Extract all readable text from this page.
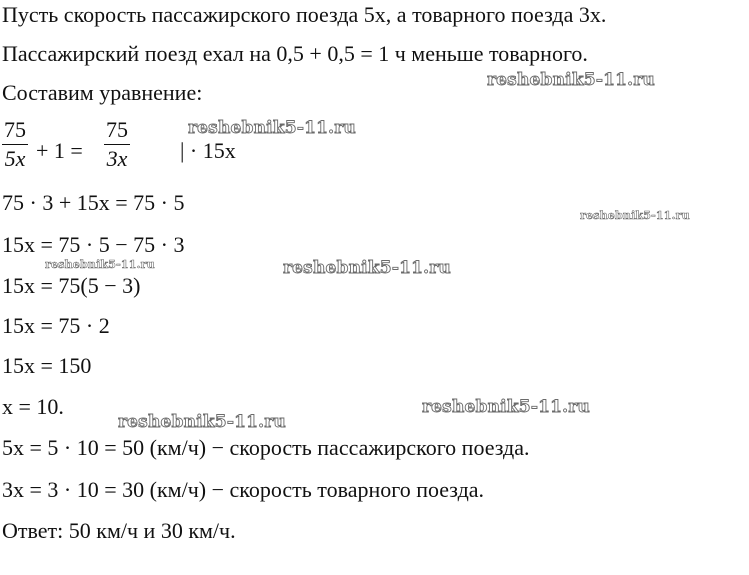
Пусть скорость пассажирского поезда 5x, а товарного поезда 3x.
Пассажирский поезд ехал на 0,5 + 0,5 = 1 ч меньше товарного.
Составим уравнение:
75
5x + 1 =
75
3x | · 15x
75 · 3 + 15x = 75 · 5
15x = 75 · 5 − 75 · 3
15x = 75(5 − 3)
15x = 75 · 2
15x = 150
x = 10.
5x = 5 · 10 = 50 (км/ч) − скорость пассажирского поезда.
3x = 3 · 10 = 30 (км/ч) − скорость товарного поезда.
Ответ: 50 км/ч и 30 км/ч.
reshebnik5-11.ru
reshebnik5-11.ru
reshebnik5-11.ru
reshebnik5-11.ru	reshebnik5-11.ru
reshebnik5-11.ru
reshebnik5-11.ru
